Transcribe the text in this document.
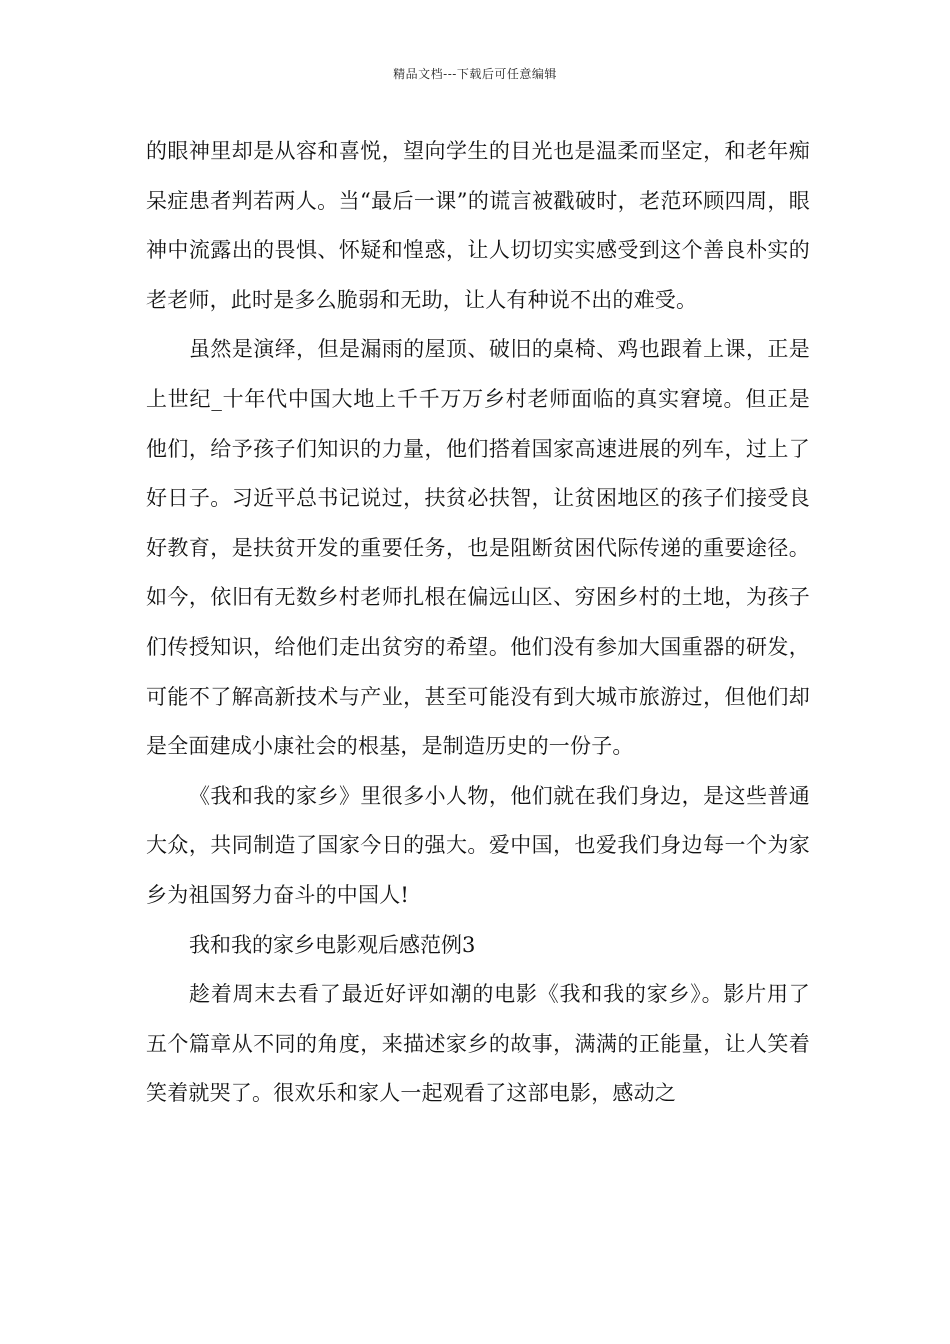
精品文档---下载后可任意编辑

的眼神里却是从容和喜悦，望向学生的目光也是温柔而坚定，和老年痴呆症患者判若两人。当“最后一课”的谎言被戳破时，老范环顾四周，眼神中流露出的畏惧、怀疑和惶惑，让人切切实实感受到这个善良朴实的老老师，此时是多么脆弱和无助，让人有种说不出的难受。

虽然是演绎，但是漏雨的屋顶、破旧的桌椅、鸡也跟着上课，正是上世纪_十年代中国大地上千千万万乡村老师面临的真实窘境。但正是他们，给予孩子们知识的力量，他们搭着国家高速进展的列车，过上了好日子。习近平总书记说过，扶贫必扶智，让贫困地区的孩子们接受良好教育，是扶贫开发的重要任务，也是阻断贫困代际传递的重要途径。如今，依旧有无数乡村老师扎根在偏远山区、穷困乡村的土地，为孩子们传授知识，给他们走出贫穷的希望。他们没有参加大国重器的研发，可能不了解高新技术与产业，甚至可能没有到大城市旅游过，但他们却是全面建成小康社会的根基，是制造历史的一份子。

《我和我的家乡》里很多小人物，他们就在我们身边，是这些普通大众，共同制造了国家今日的强大。爱中国，也爱我们身边每一个为家乡为祖国努力奋斗的中国人!

我和我的家乡电影观后感范例3

趁着周末去看了最近好评如潮的电影《我和我的家乡》。影片用了五个篇章从不同的角度，来描述家乡的故事，满满的正能量，让人笑着笑着就哭了。很欢乐和家人一起观看了这部电影，感动之
